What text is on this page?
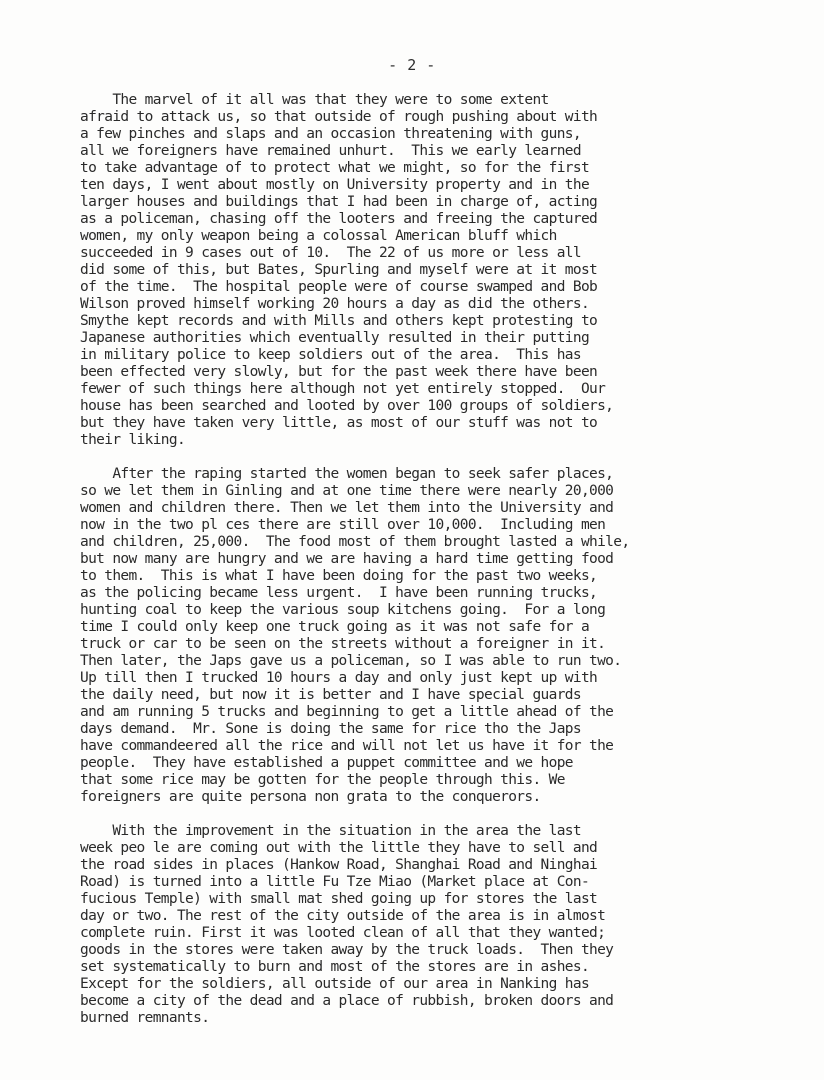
- 2 -
The marvel of it all was that they were to some extent
afraid to attack us, so that outside of rough pushing about with
a few pinches and slaps and an occasion threatening with guns,
all we foreigners have remained unhurt.  This we early learned
to take advantage of to protect what we might, so for the first
ten days, I went about mostly on University property and in the
larger houses and buildings that I had been in charge of, acting
as a policeman, chasing off the looters and freeing the captured
women, my only weapon being a colossal American bluff which
succeeded in 9 cases out of 10.  The 22 of us more or less all
did some of this, but Bates, Spurling and myself were at it most
of the time.  The hospital people were of course swamped and Bob
Wilson proved himself working 20 hours a day as did the others.
Smythe kept records and with Mills and others kept protesting to
Japanese authorities which eventually resulted in their putting
in military police to keep soldiers out of the area.  This has
been effected very slowly, but for the past week there have been
fewer of such things here although not yet entirely stopped.  Our
house has been searched and looted by over 100 groups of soldiers,
but they have taken very little, as most of our stuff was not to
their liking.
After the raping started the women began to seek safer places,
so we let them in Ginling and at one time there were nearly 20,000
women and children there. Then we let them into the University and
now in the two pl ces there are still over 10,000.  Including men
and children, 25,000.  The food most of them brought lasted a while,
but now many are hungry and we are having a hard time getting food
to them.  This is what I have been doing for the past two weeks,
as the policing became less urgent.  I have been running trucks,
hunting coal to keep the various soup kitchens going.  For a long
time I could only keep one truck going as it was not safe for a
truck or car to be seen on the streets without a foreigner in it.
Then later, the Japs gave us a policeman, so I was able to run two.
Up till then I trucked 10 hours a day and only just kept up with
the daily need, but now it is better and I have special guards
and am running 5 trucks and beginning to get a little ahead of the
days demand.  Mr. Sone is doing the same for rice tho the Japs
have commandeered all the rice and will not let us have it for the
people.  They have established a puppet committee and we hope
that some rice may be gotten for the people through this. We
foreigners are quite persona non grata to the conquerors.
With the improvement in the situation in the area the last
week peo le are coming out with the little they have to sell and
the road sides in places (Hankow Road, Shanghai Road and Ninghai
Road) is turned into a little Fu Tze Miao (Market place at Con-
fucious Temple) with small mat shed going up for stores the last
day or two. The rest of the city outside of the area is in almost
complete ruin. First it was looted clean of all that they wanted;
goods in the stores were taken away by the truck loads.  Then they
set systematically to burn and most of the stores are in ashes.
Except for the soldiers, all outside of our area in Nanking has
become a city of the dead and a place of rubbish, broken doors and
burned remnants.
